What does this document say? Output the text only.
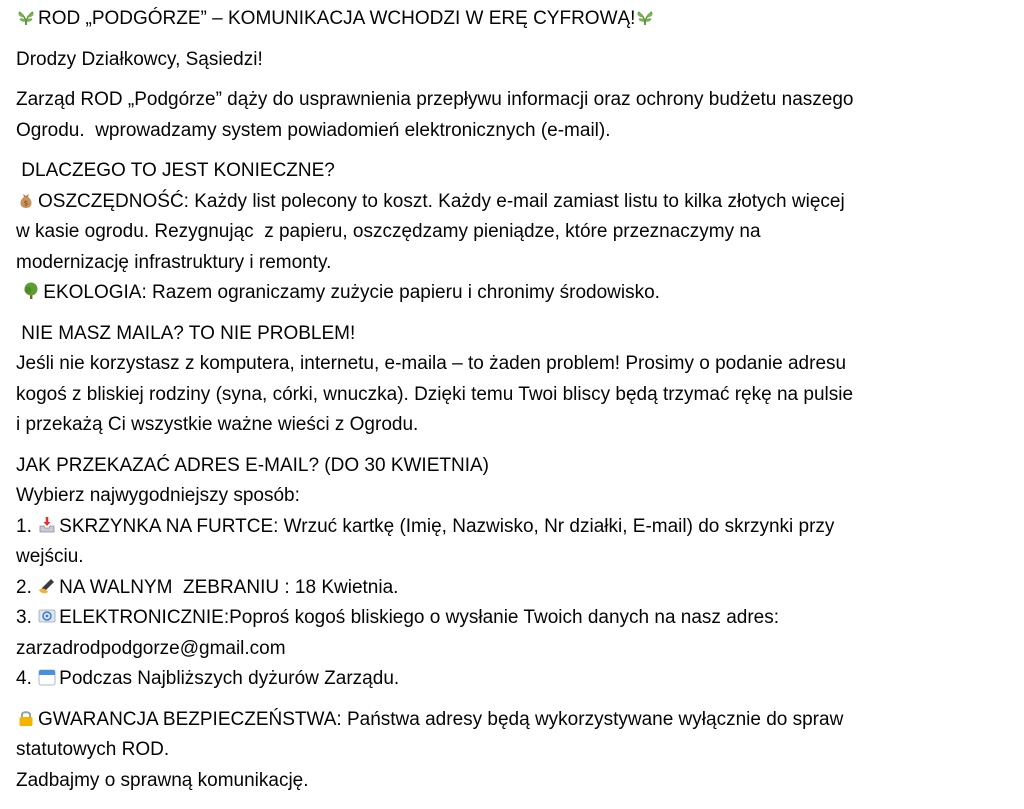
ROD „PODGÓRZE” – KOMUNIKACJA WCHODZI W ERĘ CYFROWĄ!
Drodzy Działkowcy, Sąsiedzi!
Zarząd ROD „Podgórze” dąży do usprawnienia przepływu informacji oraz ochrony budżetu naszego
Ogrodu.  wprowadzamy system powiadomień elektronicznych (e-mail).
DLACZEGO TO JEST KONIECZNE?
$ OSZCZĘDNOŚĆ: Każdy list polecony to koszt. Każdy e-mail zamiast listu to kilka złotych więcej
w kasie ogrodu. Rezygnując  z papieru, oszczędzamy pieniądze, które przeznaczymy na
modernizację infrastruktury i remonty.

EKOLOGIA: Razem ograniczamy zużycie papieru i chronimy środowisko.
NIE MASZ MAILA? TO NIE PROBLEM!
Jeśli nie korzystasz z komputera, internetu, e-maila – to żaden problem! Prosimy o podanie adresu
kogoś z bliskiej rodziny (syna, córki, wnuczka). Dzięki temu Twoi bliscy będą trzymać rękę na pulsie
i przekażą Ci wszystkie ważne wieści z Ogrodu.
JAK PRZEKAZAĆ ADRES E-MAIL? (DO 30 KWIETNIA)
Wybierz najwygodniejszy sposób:
1. SKRZYNKA NA FURTCE: Wrzuć kartkę (Imię, Nazwisko, Nr działki, E-mail) do skrzynki przy
wejściu.
2. NA WALNYM  ZEBRANIU : 18 Kwietnia.
3. ELEKTRONICZNIE:Poproś kogoś bliskiego o wysłanie Twoich danych na nasz adres:
zarzadrodpodgorze@gmail.com
4. Podczas Najbliższych dyżurów Zarządu.
GWARANCJA BEZPIECZEŃSTWA: Państwa adresy będą wykorzystywane wyłącznie do spraw
statutowych ROD.
Zadbajmy o sprawną komunikację.
